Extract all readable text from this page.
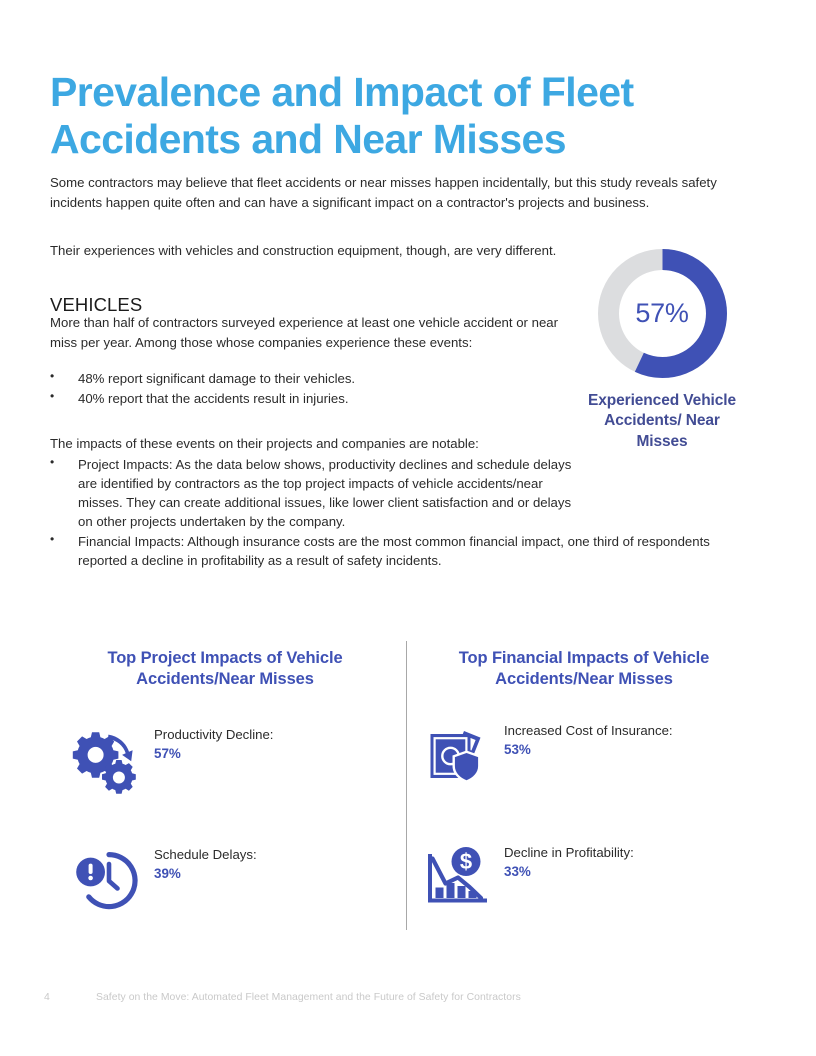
Prevalence and Impact of Fleet Accidents and Near Misses

Some contractors may believe that fleet accidents or near misses happen incidentally, but this study reveals safety incidents happen quite often and can have a significant impact on a contractor's projects and business.

Their experiences with vehicles and construction equipment, though, are very different.

VEHICLES

More than half of contractors surveyed experience at least one vehicle accident or near miss per year. Among those whose companies experience these events:

• 48% report significant damage to their vehicles.
• 40% report that the accidents result in injuries.

The impacts of these events on their projects and companies are notable:

• Project Impacts: As the data below shows, productivity declines and schedule delays are identified by contractors as the top project impacts of vehicle accidents/near misses. They can create additional issues, like lower client satisfaction and or delays on other projects undertaken by the company.
• Financial Impacts: Although insurance costs are the most common financial impact, one third of respondents reported a decline in profitability as a result of safety incidents.
57%
Experienced Vehicle Accidents/ Near Misses
Top Project Impacts of Vehicle Accidents/Near Misses
Productivity Decline:
57%
Schedule Delays:
39%
Top Financial Impacts of Vehicle Accidents/Near Misses
Increased Cost of Insurance:
53%
$	Decline in Profitability:
33%
4	Safety on the Move: Automated Fleet Management and the Future of Safety for Contractors
